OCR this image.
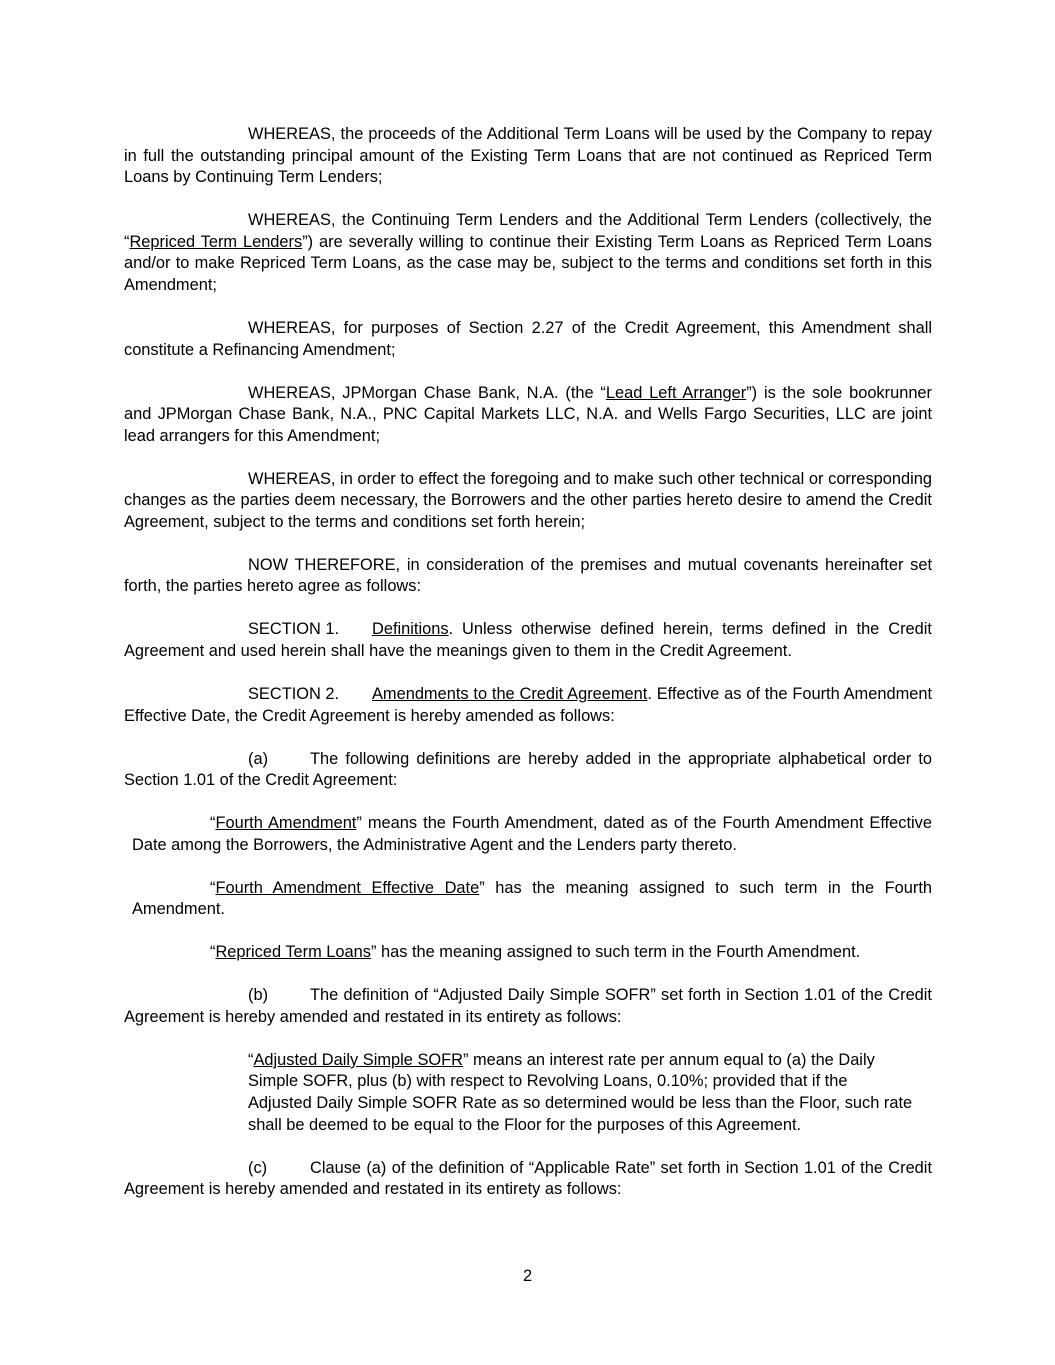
WHEREAS, the proceeds of the Additional Term Loans will be used by the Company to repay in full the outstanding principal amount of the Existing Term Loans that are not continued as Repriced Term Loans by Continuing Term Lenders;

WHEREAS, the Continuing Term Lenders and the Additional Term Lenders (collectively, the “Repriced Term Lenders”) are severally willing to continue their Existing Term Loans as Repriced Term Loans and/or to make Repriced Term Loans, as the case may be, subject to the terms and conditions set forth in this Amendment;

WHEREAS, for purposes of Section 2.27 of the Credit Agreement, this Amendment shall constitute a Refinancing Amendment;

WHEREAS, JPMorgan Chase Bank, N.A. (the “Lead Left Arranger”) is the sole bookrunner and JPMorgan Chase Bank, N.A., PNC Capital Markets LLC, N.A. and Wells Fargo Securities, LLC are joint lead arrangers for this Amendment;

WHEREAS, in order to effect the foregoing and to make such other technical or corresponding changes as the parties deem necessary, the Borrowers and the other parties hereto desire to amend the Credit Agreement, subject to the terms and conditions set forth herein;

NOW THEREFORE, in consideration of the premises and mutual covenants hereinafter set forth, the parties hereto agree as follows:

SECTION 1. Definitions. Unless otherwise defined herein, terms defined in the Credit Agreement and used herein shall have the meanings given to them in the Credit Agreement.

SECTION 2. Amendments to the Credit Agreement. Effective as of the Fourth Amendment Effective Date, the Credit Agreement is hereby amended as follows:

(a)	The following definitions are hereby added in the appropriate alphabetical order to Section 1.01 of the Credit Agreement:

“Fourth Amendment” means the Fourth Amendment, dated as of the Fourth Amendment Effective Date among the Borrowers, the Administrative Agent and the Lenders party thereto.

“Fourth Amendment Effective Date” has the meaning assigned to such term in the Fourth Amendment.

“Repriced Term Loans” has the meaning assigned to such term in the Fourth Amendment.

(b)	The definition of “Adjusted Daily Simple SOFR” set forth in Section 1.01 of the Credit Agreement is hereby amended and restated in its entirety as follows:

“Adjusted Daily Simple SOFR” means an interest rate per annum equal to (a) the Daily Simple SOFR, plus (b) with respect to Revolving Loans, 0.10%; provided that if the Adjusted Daily Simple SOFR Rate as so determined would be less than the Floor, such rate shall be deemed to be equal to the Floor for the purposes of this Agreement.

(c)	Clause (a) of the definition of “Applicable Rate” set forth in Section 1.01 of the Credit Agreement is hereby amended and restated in its entirety as follows:

2
